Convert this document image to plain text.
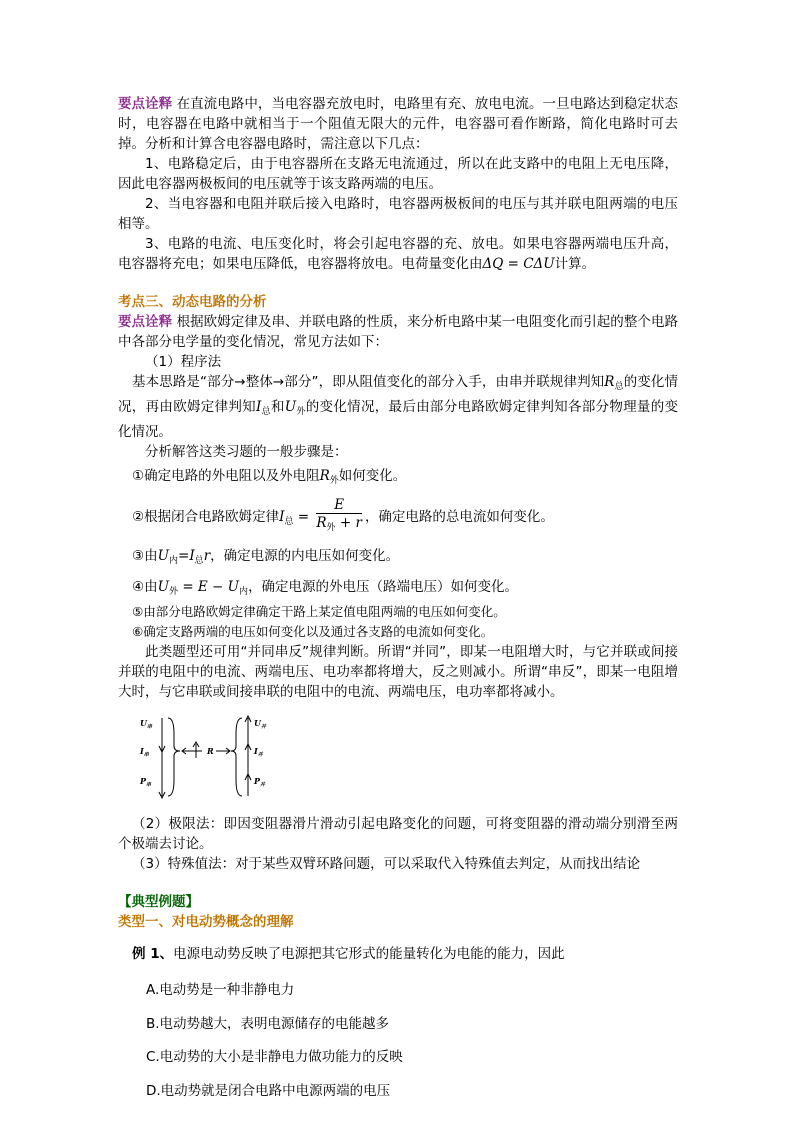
要点诠释 在直流电路中，当电容器充放电时，电路里有充、放电电流。一旦电路达到稳定状态时，电容器在电路中就相当于一个阻值无限大的元件，电容器可看作断路，简化电路时可去掉。分析和计算含电容器电路时，需注意以下几点：

1、电路稳定后，由于电容器所在支路无电流通过，所以在此支路中的电阻上无电压降，因此电容器两极板间的电压就等于该支路两端的电压。

2、当电容器和电阻并联后接入电路时，电容器两极板间的电压与其并联电阻两端的电压相等。

3、电路的电流、电压变化时，将会引起电容器的充、放电。如果电容器两端电压升高，电容器将充电；如果电压降低，电容器将放电。电荷量变化由ΔQ = CΔU计算。

考点三、动态电路的分析

要点诠释 根据欧姆定律及串、并联电路的性质，来分析电路中某一电阻变化而引起的整个电路中各部分电学量的变化情况，常见方法如下：

（1）程序法

基本思路是“部分→整体→部分”，即从阻值变化的部分入手，由串并联规律判知$R_总$的变化情况，再由欧姆定律判知$I_总$和$U_外$的变化情况，最后由部分电路欧姆定律判知各部分物理量的变化情况。

分析解答这类习题的一般步骤是：

①确定电路的外电阻以及外电阻$R_外$如何变化。

②根据闭合电路欧姆定律$I_总 = \frac{E}{R_外 + r}$ ，确定电路的总电流如何变化。

③由$U_内=I_总r$，确定电源的内电压如何变化。

④由$U_外 = E - U_内$，确定电源的外电压（路端电压）如何变化。

⑤由部分电路欧姆定律确定干路上某定值电阻两端的电压如何变化。

⑥确定支路两端的电压如何变化以及通过各支路的电流如何变化。

此类题型还可用“并同串反”规律判断。所谓“并同”，即某一电阻增大时，与它并联或间接并联的电阻中的电流、两端电压、电功率都将增大，反之则减小。所谓“串反”，即某一电阻增大时，与它串联或间接串联的电阻中的电流、两端电压，电功率都将减小。

$U_串$
$I_串$
$P_串$
R
$U_并$
$I_并$
$P_并$

（2）极限法：即因变阻器滑片滑动引起电路变化的问题，可将变阻器的滑动端分别滑至两个极端去讨论。

（3）特殊值法：对于某些双臂环路问题，可以采取代入特殊值去判定，从而找出结论

【典型例题】

类型一、对电动势概念的理解

例 1、电源电动势反映了电源把其它形式的能量转化为电能的能力，因此

A.电动势是一种非静电力

B.电动势越大，表明电源储存的电能越多

C.电动势的大小是非静电力做功能力的反映

D.电动势就是闭合电路中电源两端的电压
